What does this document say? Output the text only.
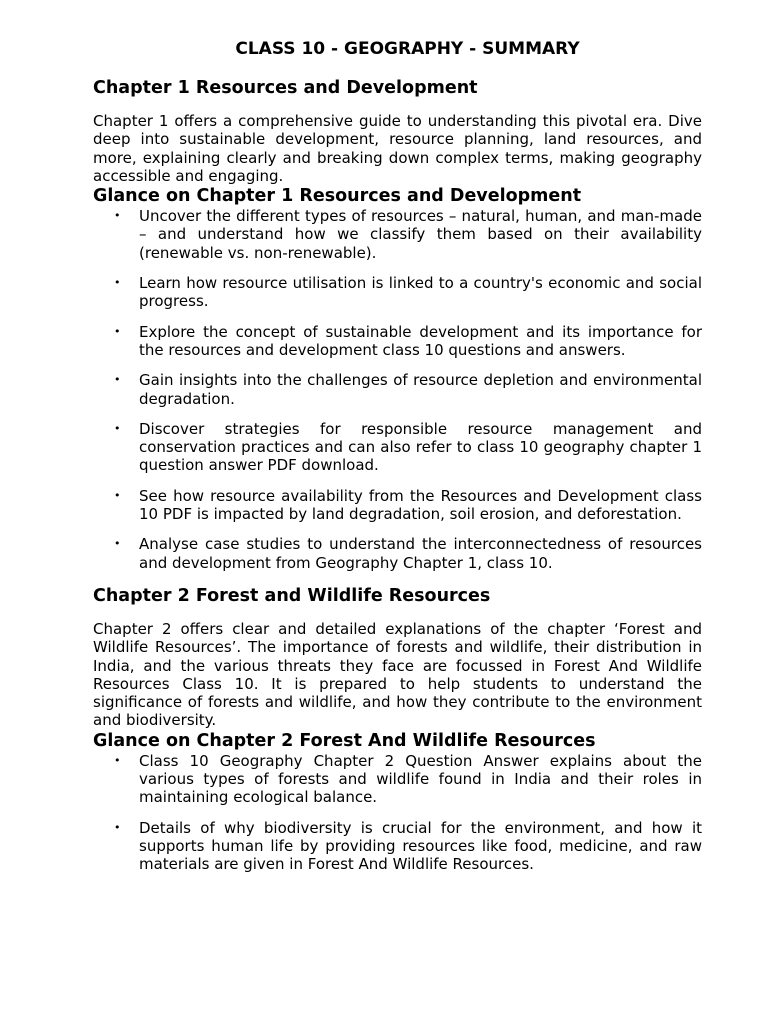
CLASS 10 - GEOGRAPHY - SUMMARY
Chapter 1 Resources and Development

Chapter 1 offers a comprehensive guide to understanding this pivotal era. Dive deep into sustainable development, resource planning, land resources, and more, explaining clearly and breaking down complex terms, making geography accessible and engaging.

Glance on Chapter 1 Resources and Development
• Uncover the different types of resources – natural, human, and man-made – and understand how we classify them based on their availability (renewable vs. non-renewable).
• Learn how resource utilisation is linked to a country's economic and social progress.
• Explore the concept of sustainable development and its importance for the resources and development class 10 questions and answers.
• Gain insights into the challenges of resource depletion and environmental degradation.
• Discover strategies for responsible resource management and conservation practices and can also refer to class 10 geography chapter 1 question answer PDF download.
• See how resource availability from the Resources and Development class 10 PDF is impacted by land degradation, soil erosion, and deforestation.
• Analyse case studies to understand the interconnectedness of resources and development from Geography Chapter 1, class 10.
Chapter 2 Forest and Wildlife Resources

Chapter 2 offers clear and detailed explanations of the chapter ‘Forest and Wildlife Resources’. The importance of forests and wildlife, their distribution in India, and the various threats they face are focussed in Forest And Wildlife Resources Class 10. It is prepared to help students to understand the significance of forests and wildlife, and how they contribute to the environment and biodiversity.

Glance on Chapter 2 Forest And Wildlife Resources
• Class 10 Geography Chapter 2 Question Answer explains about the various types of forests and wildlife found in India and their roles in maintaining ecological balance.
• Details of why biodiversity is crucial for the environment, and how it supports human life by providing resources like food, medicine, and raw materials are given in Forest And Wildlife Resources.
